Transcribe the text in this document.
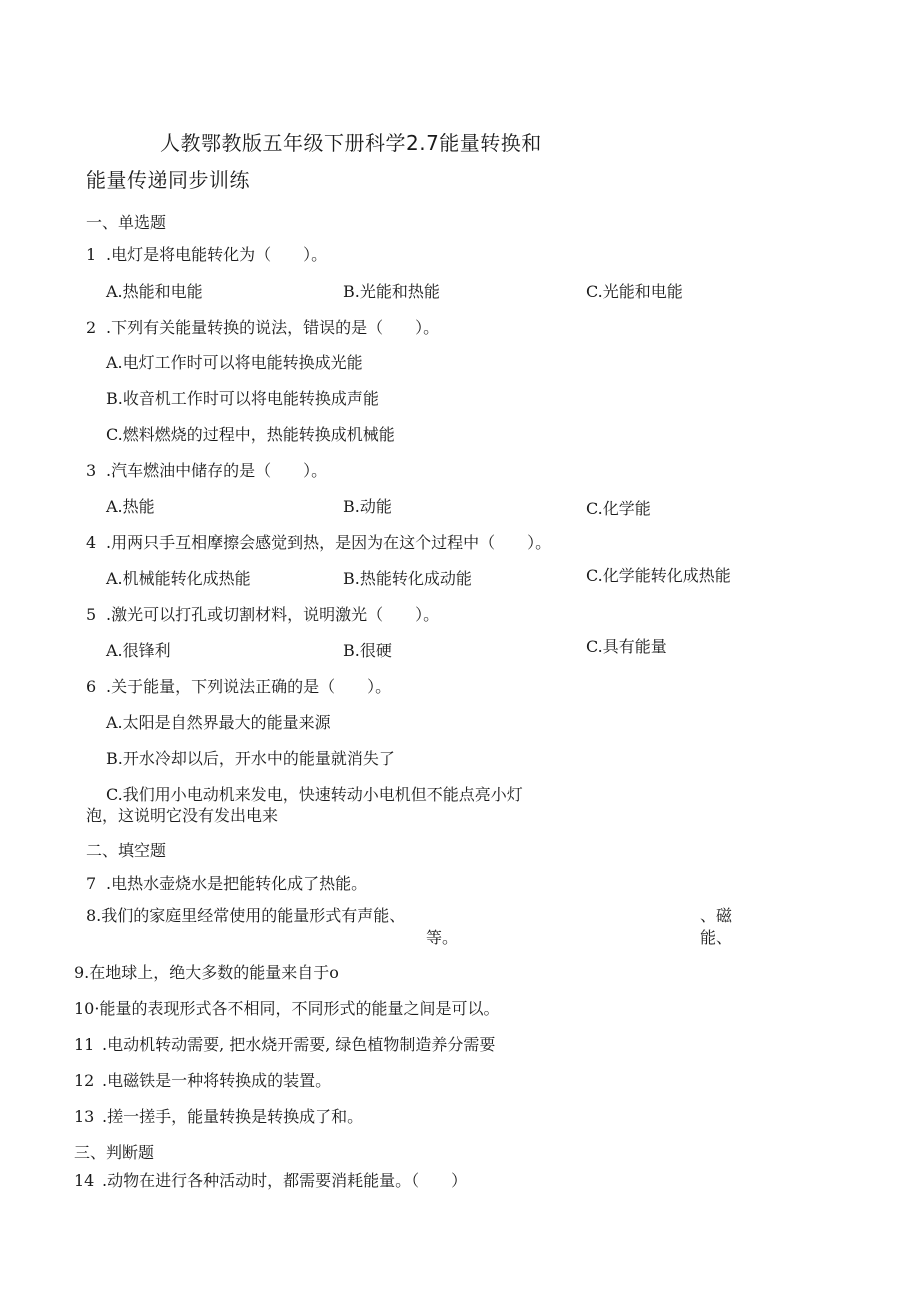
人教鄂教版五年级下册科学2.7能量转换和
能量传递同步训练
一、单选题
1 .电灯是将电能转化为（　　）。
A.热能和电能	B.光能和热能	C.光能和电能
2 .下列有关能量转换的说法，错误的是（　　）。
A.电灯工作时可以将电能转换成光能
B.收音机工作时可以将电能转换成声能
C.燃料燃烧的过程中，热能转换成机械能
3 .汽车燃油中储存的是（　　）。
A.热能	B.动能	C.化学能
4 .用两只手互相摩擦会感觉到热，是因为在这个过程中（　　）。
A.机械能转化成热能	B.热能转化成动能	C.化学能转化成热能
5 .激光可以打孔或切割材料，说明激光（　　）。
A.很锋利	B.很硬	C.具有能量
6 .关于能量，下列说法正确的是（　　）。
A.太阳是自然界最大的能量来源
B.开水冷却以后，开水中的能量就消失了
C.我们用小电动机来发电，快速转动小电机但不能点亮小灯
泡，这说明它没有发出电来
二、填空题
7 .电热水壶烧水是把能转化成了热能。
8.我们的家庭里经常使用的能量形式有声能、	、磁
等。	能、
9.在地球上，绝大多数的能量来自于o
10·能量的表现形式各不相同，不同形式的能量之间是可以。
11 .电动机转动需要, 把水烧开需要, 绿色植物制造养分需要
12 .电磁铁是一种将转换成的装置。
13 .搓一搓手，能量转换是转换成了和。
三、判断题
14 .动物在进行各种活动时，都需要消耗能量。（　　）
